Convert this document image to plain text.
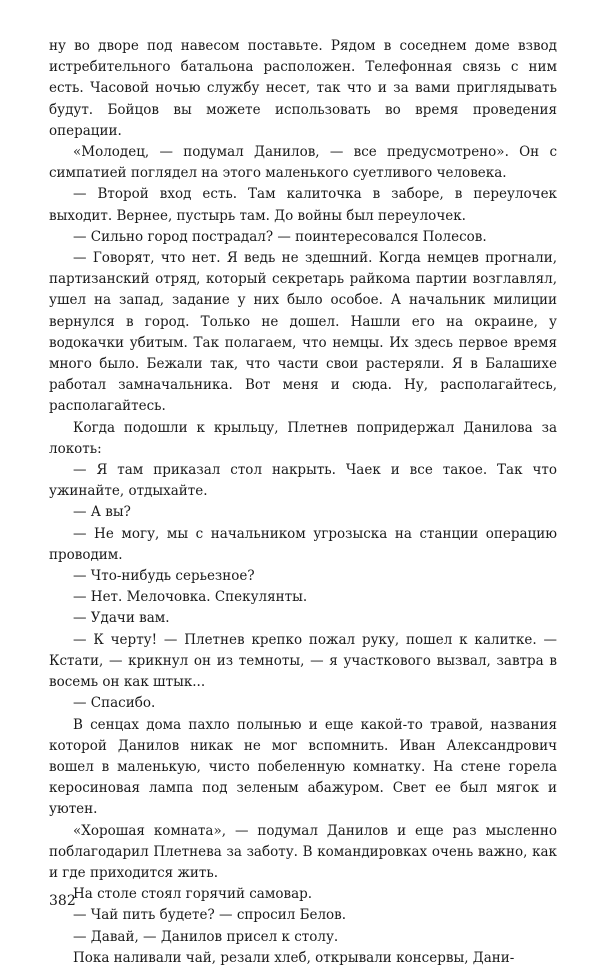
ну во дворе под навесом поставьте. Рядом в соседнем доме взвод истребительного батальона расположен. Телефонная связь с ним есть. Часовой ночью службу несет, так что и за вами приглядывать будут. Бойцов вы можете использовать во время проведения операции.

«Молодец, — подумал Данилов, — все предусмотрено». Он с симпатией поглядел на этого маленького суетливого человека.

— Второй вход есть. Там калиточка в заборе, в переулочек выходит. Вернее, пустырь там. До войны был переулочек.

— Сильно город пострадал? — поинтересовался Полесов.

— Говорят, что нет. Я ведь не здешний. Когда немцев прогнали, партизанский отряд, который секретарь райкома партии возглавлял, ушел на запад, задание у них было особое. А начальник милиции вернулся в город. Только не дошел. Нашли его на окраине, у водокачки убитым. Так полагаем, что немцы. Их здесь первое время много было. Бежали так, что части свои растеряли. Я в Балашихе работал замначальника. Вот меня и сюда. Ну, располагайтесь, располагайтесь.

Когда подошли к крыльцу, Плетнев попридержал Данилова за локоть:

— Я там приказал стол накрыть. Чаек и все такое. Так что ужинайте, отдыхайте.

— А вы?

— Не могу, мы с начальником угрозыска на станции операцию проводим.

— Что-нибудь серьезное?

— Нет. Мелочовка. Спекулянты.

— Удачи вам.

— К черту! — Плетнев крепко пожал руку, пошел к калитке. — Кстати, — крикнул он из темноты, — я участкового вызвал, завтра в восемь он как штык...

— Спасибо.

В сенцах дома пахло полынью и еще какой-то травой, названия которой Данилов никак не мог вспомнить. Иван Александрович вошел в маленькую, чисто побеленную комнатку. На стене горела керосиновая лампа под зеленым абажуром. Свет ее был мягок и уютен.

«Хорошая комната», — подумал Данилов и еще раз мысленно поблагодарил Плетнева за заботу. В командировках очень важно, как и где приходится жить.

На столе стоял горячий самовар.

— Чай пить будете? — спросил Белов.

— Давай, — Данилов присел к столу.

Пока наливали чай, резали хлеб, открывали консервы, Дани-

382
